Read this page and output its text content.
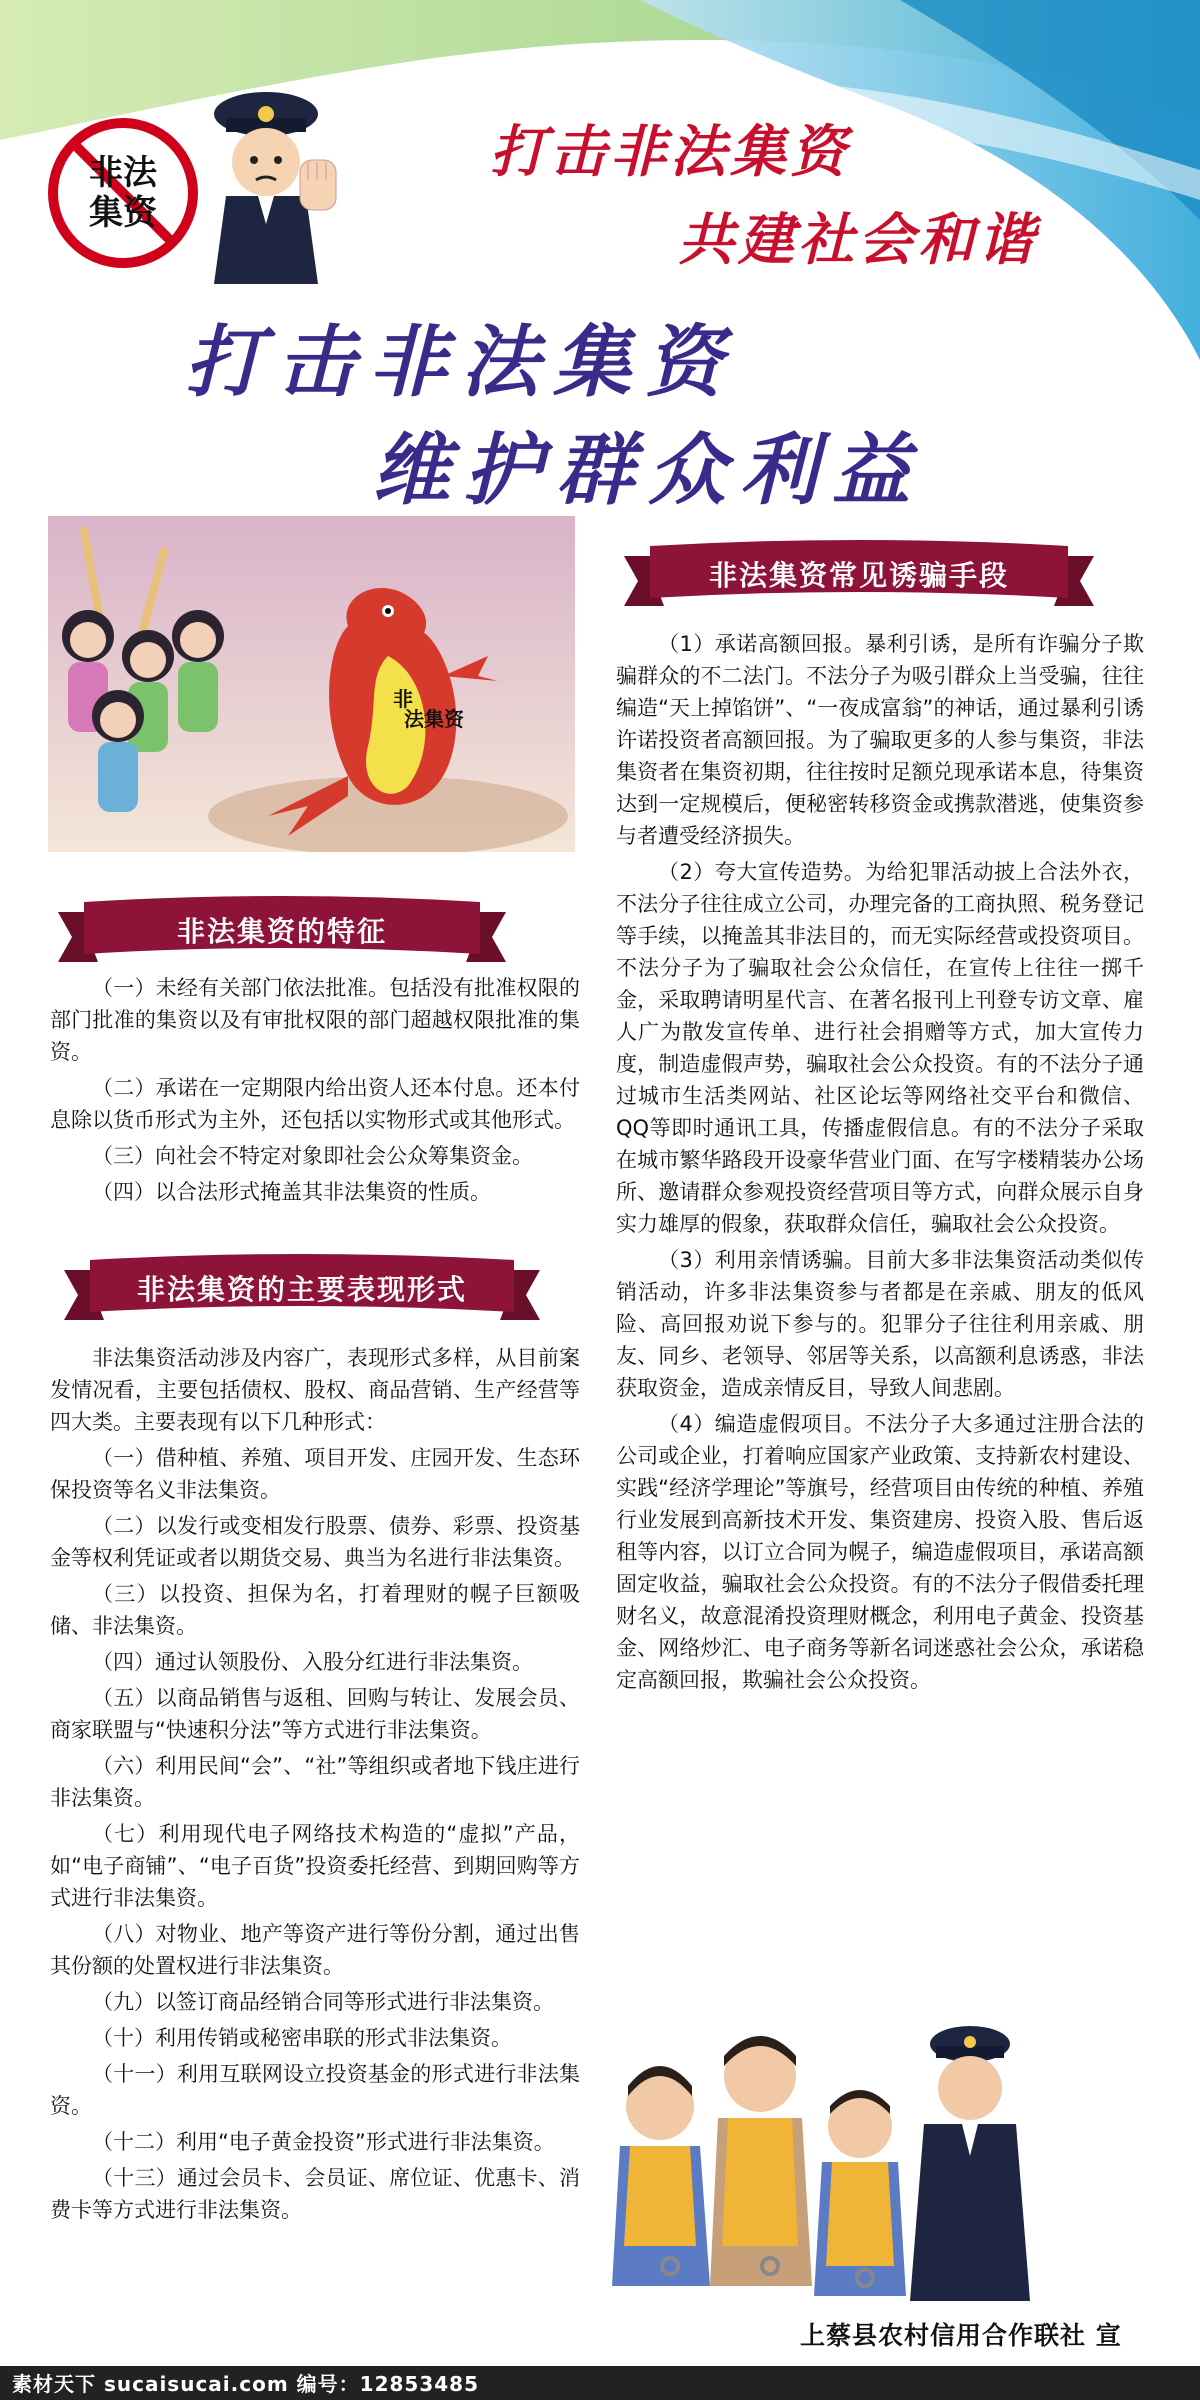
非法
集资
打击非法集资
共建社会和谐
打击非法集资
维护群众利益
非
法集资
非法集资的特征

（一）未经有关部门依法批准。包括没有批准权限的部门批准的集资以及有审批权限的部门超越权限批准的集资。

（二）承诺在一定期限内给出资人还本付息。还本付息除以货币形式为主外，还包括以实物形式或其他形式。

（三）向社会不特定对象即社会公众筹集资金。

（四）以合法形式掩盖其非法集资的性质。

非法集资的主要表现形式

非法集资活动涉及内容广，表现形式多样，从目前案发情况看，主要包括债权、股权、商品营销、生产经营等四大类。主要表现有以下几种形式：

（一）借种植、养殖、项目开发、庄园开发、生态环保投资等名义非法集资。

（二）以发行或变相发行股票、债券、彩票、投资基金等权利凭证或者以期货交易、典当为名进行非法集资。

（三）以投资、担保为名，打着理财的幌子巨额吸储、非法集资。

（四）通过认领股份、入股分红进行非法集资。

（五）以商品销售与返租、回购与转让、发展会员、商家联盟与“快速积分法”等方式进行非法集资。

（六）利用民间“会”、“社”等组织或者地下钱庄进行非法集资。

（七）利用现代电子网络技术构造的“虚拟”产品，如“电子商铺”、“电子百货”投资委托经营、到期回购等方式进行非法集资。

（八）对物业、地产等资产进行等份分割，通过出售其份额的处置权进行非法集资。

（九）以签订商品经销合同等形式进行非法集资。

（十）利用传销或秘密串联的形式非法集资。

（十一）利用互联网设立投资基金的形式进行非法集资。

（十二）利用“电子黄金投资”形式进行非法集资。

（十三）通过会员卡、会员证、席位证、优惠卡、消费卡等方式进行非法集资。

非法集资常见诱骗手段

（1）承诺高额回报。暴利引诱，是所有诈骗分子欺骗群众的不二法门。不法分子为吸引群众上当受骗，往往编造“天上掉馅饼”、“一夜成富翁”的神话，通过暴利引诱许诺投资者高额回报。为了骗取更多的人参与集资，非法集资者在集资初期，往往按时足额兑现承诺本息，待集资达到一定规模后，便秘密转移资金或携款潜逃，使集资参与者遭受经济损失。

（2）夸大宣传造势。为给犯罪活动披上合法外衣，不法分子往往成立公司，办理完备的工商执照、税务登记等手续，以掩盖其非法目的，而无实际经营或投资项目。不法分子为了骗取社会公众信任，在宣传上往往一掷千金，采取聘请明星代言、在著名报刊上刊登专访文章、雇人广为散发宣传单、进行社会捐赠等方式，加大宣传力度，制造虚假声势，骗取社会公众投资。有的不法分子通过城市生活类网站、社区论坛等网络社交平台和微信、QQ等即时通讯工具，传播虚假信息。有的不法分子采取在城市繁华路段开设豪华营业门面、在写字楼精装办公场所、邀请群众参观投资经营项目等方式，向群众展示自身实力雄厚的假象，获取群众信任，骗取社会公众投资。

（3）利用亲情诱骗。目前大多非法集资活动类似传销活动，许多非法集资参与者都是在亲戚、朋友的低风险、高回报劝说下参与的。犯罪分子往往利用亲戚、朋友、同乡、老领导、邻居等关系，以高额利息诱惑，非法获取资金，造成亲情反目，导致人间悲剧。

（4）编造虚假项目。不法分子大多通过注册合法的公司或企业，打着响应国家产业政策、支持新农村建设、实践“经济学理论”等旗号，经营项目由传统的种植、养殖行业发展到高新技术开发、集资建房、投资入股、售后返租等内容，以订立合同为幌子，编造虚假项目，承诺高额固定收益，骗取社会公众投资。有的不法分子假借委托理财名义，故意混淆投资理财概念，利用电子黄金、投资基金、网络炒汇、电子商务等新名词迷惑社会公众，承诺稳定高额回报，欺骗社会公众投资。

上蔡县农村信用合作联社 宣
素材天下 sucaisucai.com 编号：12853485
